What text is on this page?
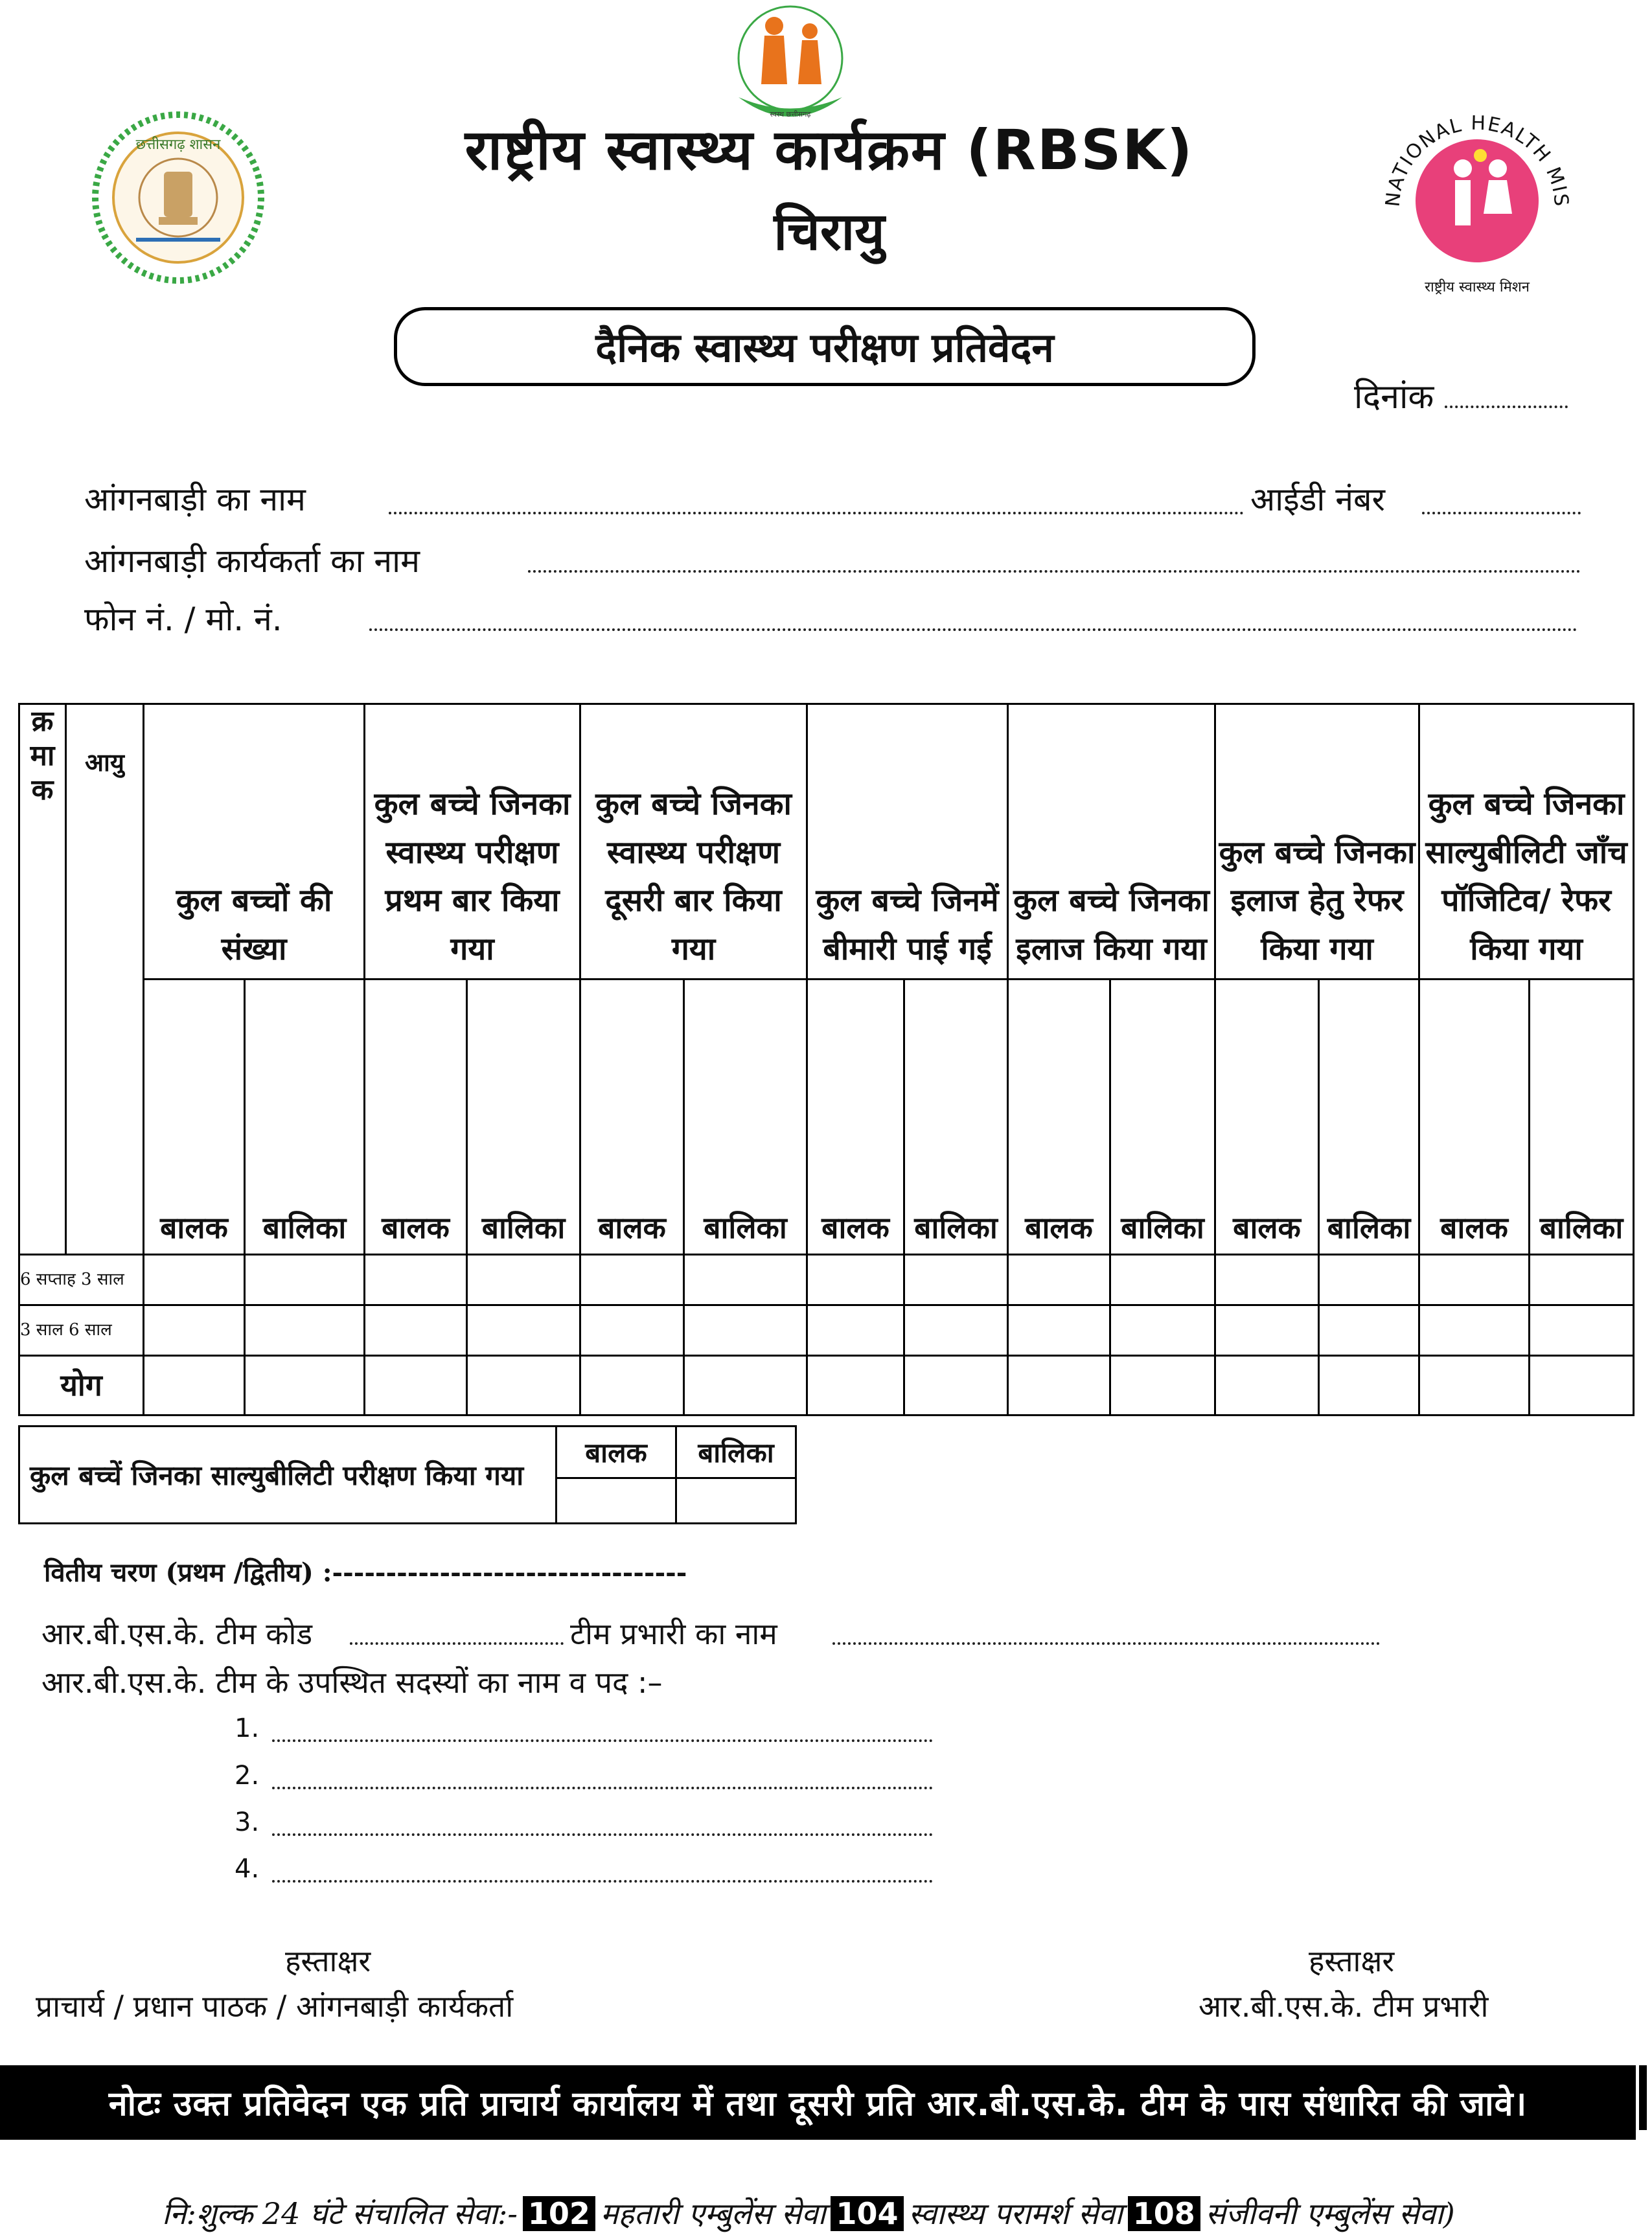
छत्तीसगढ़ शासन
स्वस्थ छत्तीसगढ़
NATIONAL HEALTH MIS
राष्ट्रीय स्वास्थ्य मिशन
राष्ट्रीय स्वास्थ्य कार्यक्रम (RBSK)
चिरायु
दैनिक स्वास्थ्य परीक्षण प्रतिवेदन
दिनांक
आंगनबाड़ी का नाम	आईडी नंबर
आंगनबाड़ी कार्यकर्ता का नाम
फोन नं. / मो. नं.
क्र
मा
क	आयु	कुल बच्चों की संख्या		कुल बच्चे जिनका स्वास्थ्य परीक्षण प्रथम बार किया गया		कुल बच्चे जिनका स्वास्थ्य परीक्षण दूसरी बार किया गया		कुल बच्चे जिनमें बीमारी पाई गई		कुल बच्चे जिनका इलाज किया गया		कुल बच्चे जिनका इलाज हेतु रेफर किया गया		कुल बच्चे जिनका साल्युबीलिटी जाँच पॉजिटिव/ रेफर किया गया	
		बालक	बालिका	बालक	बालिका	बालक	बालिका	बालक	बालिका	बालक	बालिका	बालक	बालिका	बालक	बालिका
6 सप्ताह 3 साल															
3 साल 6 साल															
योग															
कुल बच्चें जिनका साल्युबीलिटी परीक्षण किया गया	बालक	बालिका

वितीय चरण (प्रथम /द्वितीय) :---------------------------------
आर.बी.एस.के. टीम कोड	टीम प्रभारी का नाम
आर.बी.एस.के. टीम के उपस्थित सदस्यों का नाम व पद :–
1.
2.
3.
4.
हस्ताक्षर
प्राचार्य / प्रधान पाठक / आंगनबाड़ी कार्यकर्ता
हस्ताक्षर
आर.बी.एस.के. टीम प्रभारी
नोटः उक्त प्रतिवेदन एक प्रति प्राचार्य कार्यालय में तथा दूसरी प्रति आर.बी.एस.के. टीम के पास संधारित की जावे।
नि:शुल्क 24 घंटे संचालित सेवा:- 102 महतारी एम्बुलेंस सेवा 104 स्वास्थ्य परामर्श सेवा 108 संजीवनी एम्बुलेंस सेवा)
